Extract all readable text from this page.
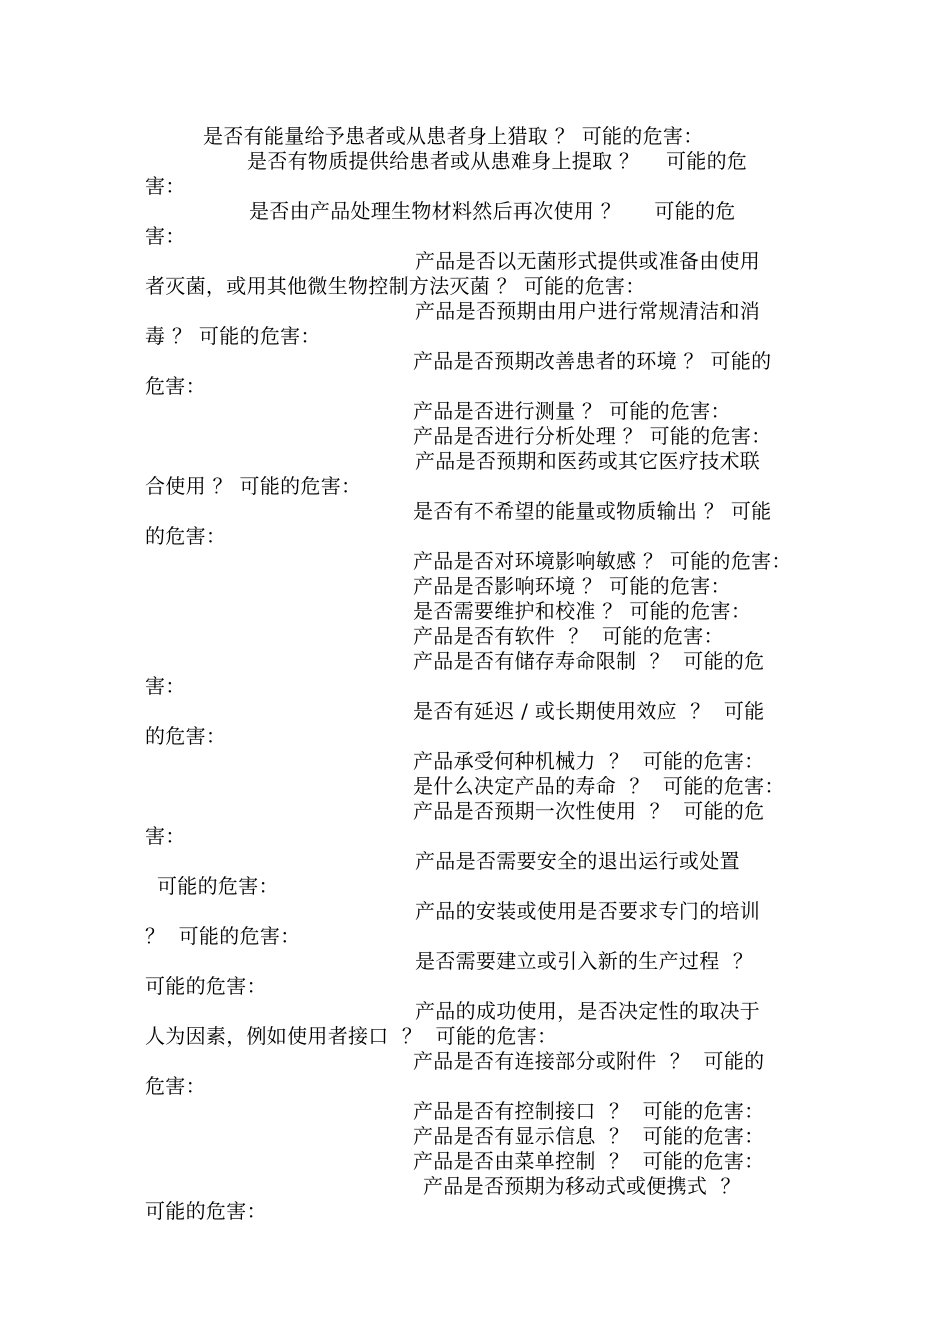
是否有能量给予患者或从患者身上猎取 ？ 可能的危害：
是否有物质提供给患者或从患难身上提取 ？    可能的危
害：
是否由产品处理生物材料然后再次使用 ？     可能的危
害：
产品是否以无菌形式提供或准备由使用
者灭菌，或用其他微生物控制方法灭菌 ？ 可能的危害：
产品是否预期由用户进行常规清洁和消
毒 ？ 可能的危害：
产品是否预期改善患者的环境 ？ 可能的
危害：
产品是否进行测量 ？ 可能的危害：
产品是否进行分析处理 ？ 可能的危害：
产品是否预期和医药或其它医疗技术联
合使用 ？ 可能的危害：
是否有不希望的能量或物质输出 ？ 可能
的危害：
产品是否对环境影响敏感 ？ 可能的危害：
产品是否影响环境 ？ 可能的危害：
是否需要维护和校准 ？ 可能的危害：
产品是否有软件  ？  可能的危害：
产品是否有储存寿命限制  ？  可能的危
害：
是否有延迟 / 或长期使用效应  ？  可能
的危害：
产品承受何种机械力  ？  可能的危害：
是什么决定产品的寿命  ？  可能的危害：
产品是否预期一次性使用  ？  可能的危
害：
产品是否需要安全的退出运行或处置
可能的危害：
产品的安装或使用是否要求专门的培训
？  可能的危害：
是否需要建立或引入新的生产过程  ？
可能的危害：
产品的成功使用，是否决定性的取决于
人为因素，例如使用者接口  ？  可能的危害：
产品是否有连接部分或附件  ？  可能的
危害：
产品是否有控制接口  ？  可能的危害：
产品是否有显示信息  ？  可能的危害：
产品是否由菜单控制  ？  可能的危害：
产品是否预期为移动式或便携式  ？
可能的危害：
